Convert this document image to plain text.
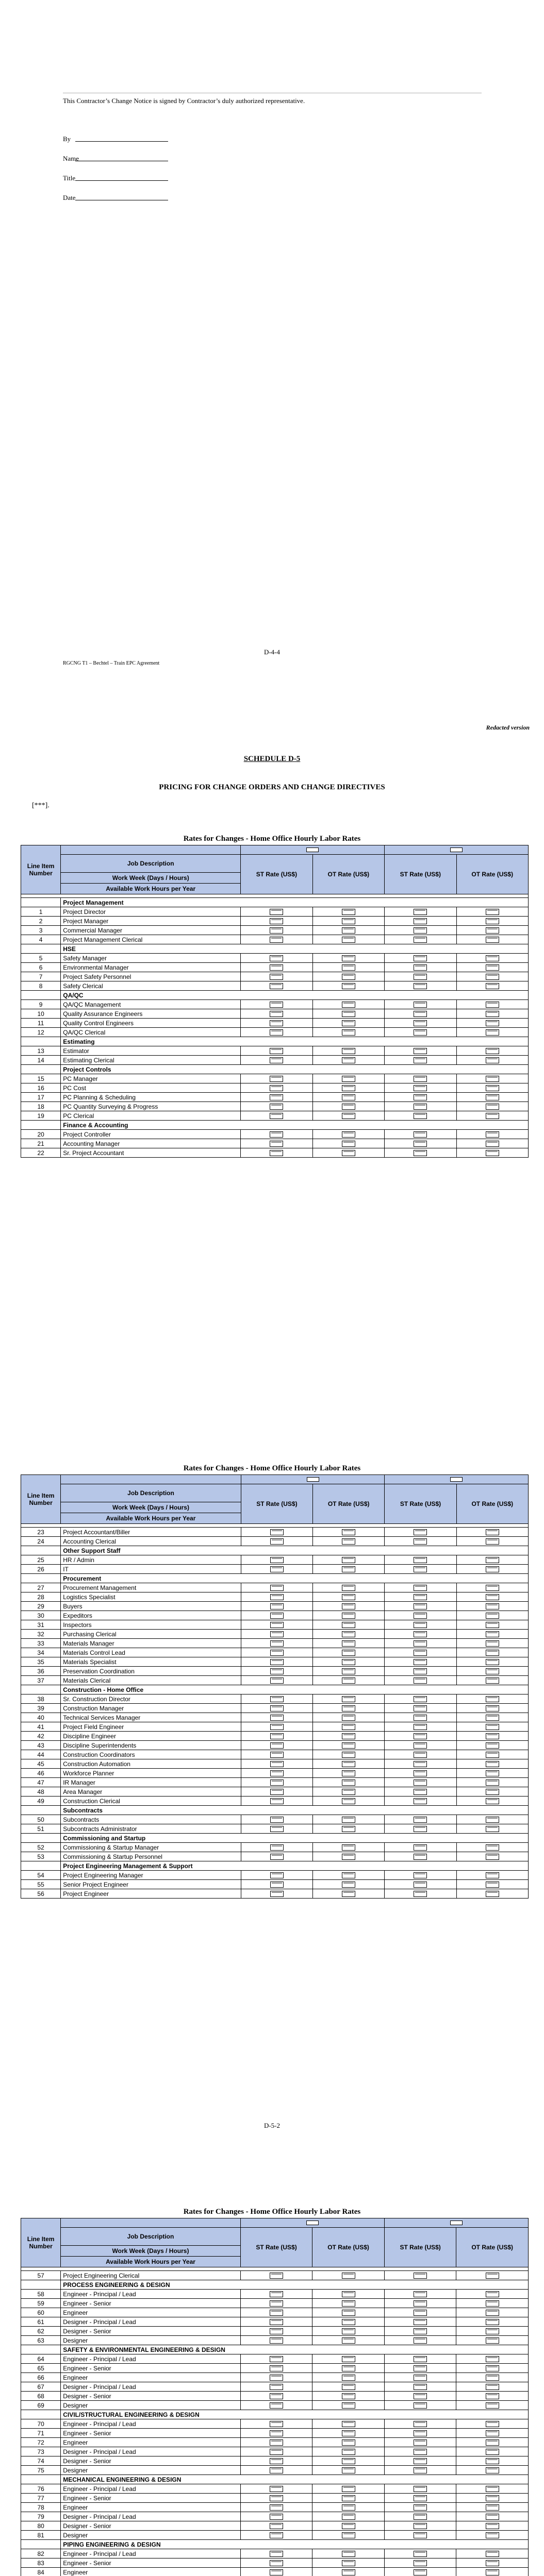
This Contractor’s Change Notice is signed by Contractor’s duly authorized representative.
By
Name
Title
Date
D-4-4
RGCNG T1 – Bechtel – Train EPC Agreement
Redacted version
SCHEDULE D-5
PRICING FOR CHANGE ORDERS AND CHANGE DIRECTIVES
[***].
Rates for Changes - Home Office Hourly Labor Rates
Line Item Number					
	Job Description	ST Rate (US$)	OT Rate (US$)	ST Rate (US$)	OT Rate (US$)
	Work Week (Days / Hours)				
	Available Work Hours per Year				

	Project Management				
1	Project Director				
2	Project Manager				
3	Commercial Manager				
4	Project Management Clerical				
	HSE				
5	Safety Manager				
6	Environmental Manager				
7	Project Safety Personnel				
8	Safety Clerical				
	QA/QC				
9	QA/QC Management				
10	Quality Assurance Engineers				
11	Quality Control Engineers				
12	QA/QC Clerical				
	Estimating				
13	Estimator				
14	Estimating Clerical				
	Project Controls				
15	PC Manager				
16	PC Cost				
17	PC Planning & Scheduling				
18	PC Quantity Surveying & Progress				
19	PC Clerical				
	Finance & Accounting				
20	Project Controller				
21	Accounting Manager				
22	Sr. Project Accountant				
Rates for Changes - Home Office Hourly Labor Rates
Line Item Number					
	Job Description	ST Rate (US$)	OT Rate (US$)	ST Rate (US$)	OT Rate (US$)
	Work Week (Days / Hours)				
	Available Work Hours per Year				

23	Project Accountant/Biller				
24	Accounting Clerical				
	Other Support Staff				
25	HR / Admin				
26	IT				
	Procurement				
27	Procurement Management				
28	Logistics Specialist				
29	Buyers				
30	Expeditors				
31	Inspectors				
32	Purchasing Clerical				
33	Materials Manager				
34	Materials Control Lead				
35	Materials Specialist				
36	Preservation Coordination				
37	Materials Clerical				
	Construction - Home Office				
38	Sr. Construction Director				
39	Construction Manager				
40	Technical Services Manager				
41	Project Field Engineer				
42	Discipline Engineer				
43	Discipline Superintendents				
44	Construction Coordinators				
45	Construction Automation				
46	Workforce Planner				
47	IR Manager				
48	Area Manager				
49	Construction Clerical				
	Subcontracts				
50	Subcontracts				
51	Subcontracts Administrator				
	Commissioning and Startup				
52	Commissioning & Startup Manager				
53	Commissioning & Startup Personnel				
	Project Engineering Management & Support				
54	Project Engineering Manager				
55	Senior Project Engineer				
56	Project Engineer				
D-5-2
Rates for Changes - Home Office Hourly Labor Rates
Line Item Number					
	Job Description	ST Rate (US$)	OT Rate (US$)	ST Rate (US$)	OT Rate (US$)
	Work Week (Days / Hours)				
	Available Work Hours per Year				

57	Project Engineering Clerical				
	PROCESS ENGINEERING & DESIGN				
58	Engineer - Principal / Lead				
59	Engineer - Senior				
60	Engineer				
61	Designer - Principal / Lead				
62	Designer - Senior				
63	Designer				
	SAFETY & ENVIRONMENTAL ENGINEERING & DESIGN				
64	Engineer - Principal / Lead				
65	Engineer - Senior				
66	Engineer				
67	Designer - Principal / Lead				
68	Designer - Senior				
69	Designer				
	CIVIL/STRUCTURAL ENGINEERING & DESIGN				
70	Engineer - Principal / Lead				
71	Engineer - Senior				
72	Engineer				
73	Designer - Principal / Lead				
74	Designer - Senior				
75	Designer				
	MECHANICAL ENGINEERING & DESIGN				
76	Engineer - Principal / Lead				
77	Engineer - Senior				
78	Engineer				
79	Designer - Principal / Lead				
80	Designer - Senior				
81	Designer				
	PIPING ENGINEERING & DESIGN				
82	Engineer - Principal / Lead				
83	Engineer - Senior				
84	Engineer				
